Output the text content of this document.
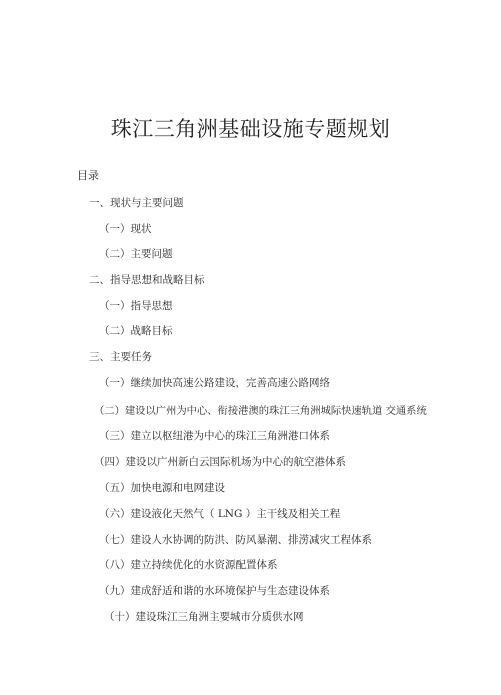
珠江三角洲基础设施专题规划
目录
一、现状与主要问题
（一）现状
（二）主要问题
二、指导思想和战略目标
（一）指导思想
（二）战略目标
三、主要任务
（一）继续加快高速公路建设，完善高速公路网络
（二）建设以广州为中心、衔接港澳的珠江三角洲城际快速轨道 交通系统
（三）建立以枢纽港为中心的珠江三角洲港口体系
（四）建设以广州新白云国际机场为中心的航空港体系
（五）加快电源和电网建设
（六）建设液化天然气（ LNG ）主干线及相关工程
（七）建设人水协调的防洪、防风暴潮、排涝减灾工程体系
（八）建立持续优化的水资源配置体系
（九）建成舒适和谐的水环境保护与生态建设体系
（十）建设珠江三角洲主要城市分质供水网
